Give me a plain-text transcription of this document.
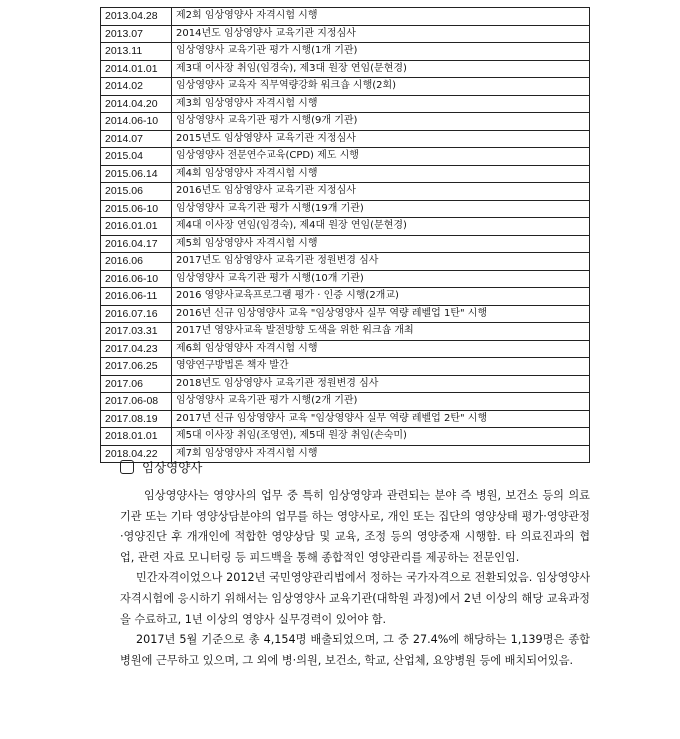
2013.04.28	제2회 임상영양사 자격시험 시행
2013.07	2014년도 임상영양사 교육기관 지정심사
2013.11	임상영양사 교육기관 평가 시행(1개 기관)
2014.01.01	제3대 이사장 취임(임경숙), 제3대 원장 연임(문현경)
2014.02	임상영양사 교육자 직무역량강화 워크숍 시행(2회)
2014.04.20	제3회 임상영양사 자격시험 시행
2014.06-10	임상영양사 교육기관 평가 시행(9개 기관)
2014.07	2015년도 임상영양사 교육기관 지정심사
2015.04	임상영양사 전문연수교육(CPD) 제도 시행
2015.06.14	제4회 임상영양사 자격시험 시행
2015.06	2016년도 임상영양사 교육기관 지정심사
2015.06-10	임상영양사 교육기관 평가 시행(19개 기관)
2016.01.01	제4대 이사장 연임(임경숙), 제4대 원장 연임(문현경)
2016.04.17	제5회 임상영양사 자격시험 시행
2016.06	2017년도 임상영양사 교육기관 정원변경 심사
2016.06-10	임상영양사 교육기관 평가 시행(10개 기관)
2016.06-11	2016 영양사교육프로그램 평가 · 인증 시행(2개교)
2016.07.16	2016년 신규 임상영양사 교육 "임상영양사 실무 역량 레벨업 1탄" 시행
2017.03.31	2017년 영양사교육 발전방향 도색을 위한 워크숍 개최
2017.04.23	제6회 임상영양사 자격시험 시행
2017.06.25	영양연구방법론 책자 발간
2017.06	2018년도 임상영양사 교육기관 정원변경 심사
2017.06-08	임상영양사 교육기관 평가 시행(2개 기관)
2017.08.19	2017년 신규 임상영양사 교육 "임상영양사 실무 역량 레벨업 2탄" 시행
2018.01.01	제5대 이사장 취임(조영연), 제5대 원장 취임(손숙미)
2018.04.22	제7회 임상영양사 자격시험 시행
임상영양사

임상영양사는 영양사의 업무 중 특히 임상영양과 관련되는 분야 즉 병원, 보건소 등의 의료기관 또는 기타 영양상담분야의 업무를 하는 영양사로, 개인 또는 집단의 영양상태 평가·영양관정·영양진단 후 개개인에 적합한 영양상담 및 교육, 조정 등의 영양중재 시행함. 타 의료진과의 협업, 관련 자료 모니터링 등 피드백을 통해 종합적인 영양관리를 제공하는 전문인임.

민간자격이었으나 2012년 국민영양관리법에서 정하는 국가자격으로 전환되었음. 임상영양사 자격시험에 응시하기 위해서는 임상영양사 교육기관(대학원 과정)에서 2년 이상의 해당 교육과정을 수료하고, 1년 이상의 영양사 실무경력이 있어야 함.

2017년 5월 기준으로 총 4,154명 배출되었으며, 그 중 27.4%에 해당하는 1,139명은 종합병원에 근무하고 있으며, 그 외에 병·의원, 보건소, 학교, 산업체, 요양병원 등에 배치되어있음.
